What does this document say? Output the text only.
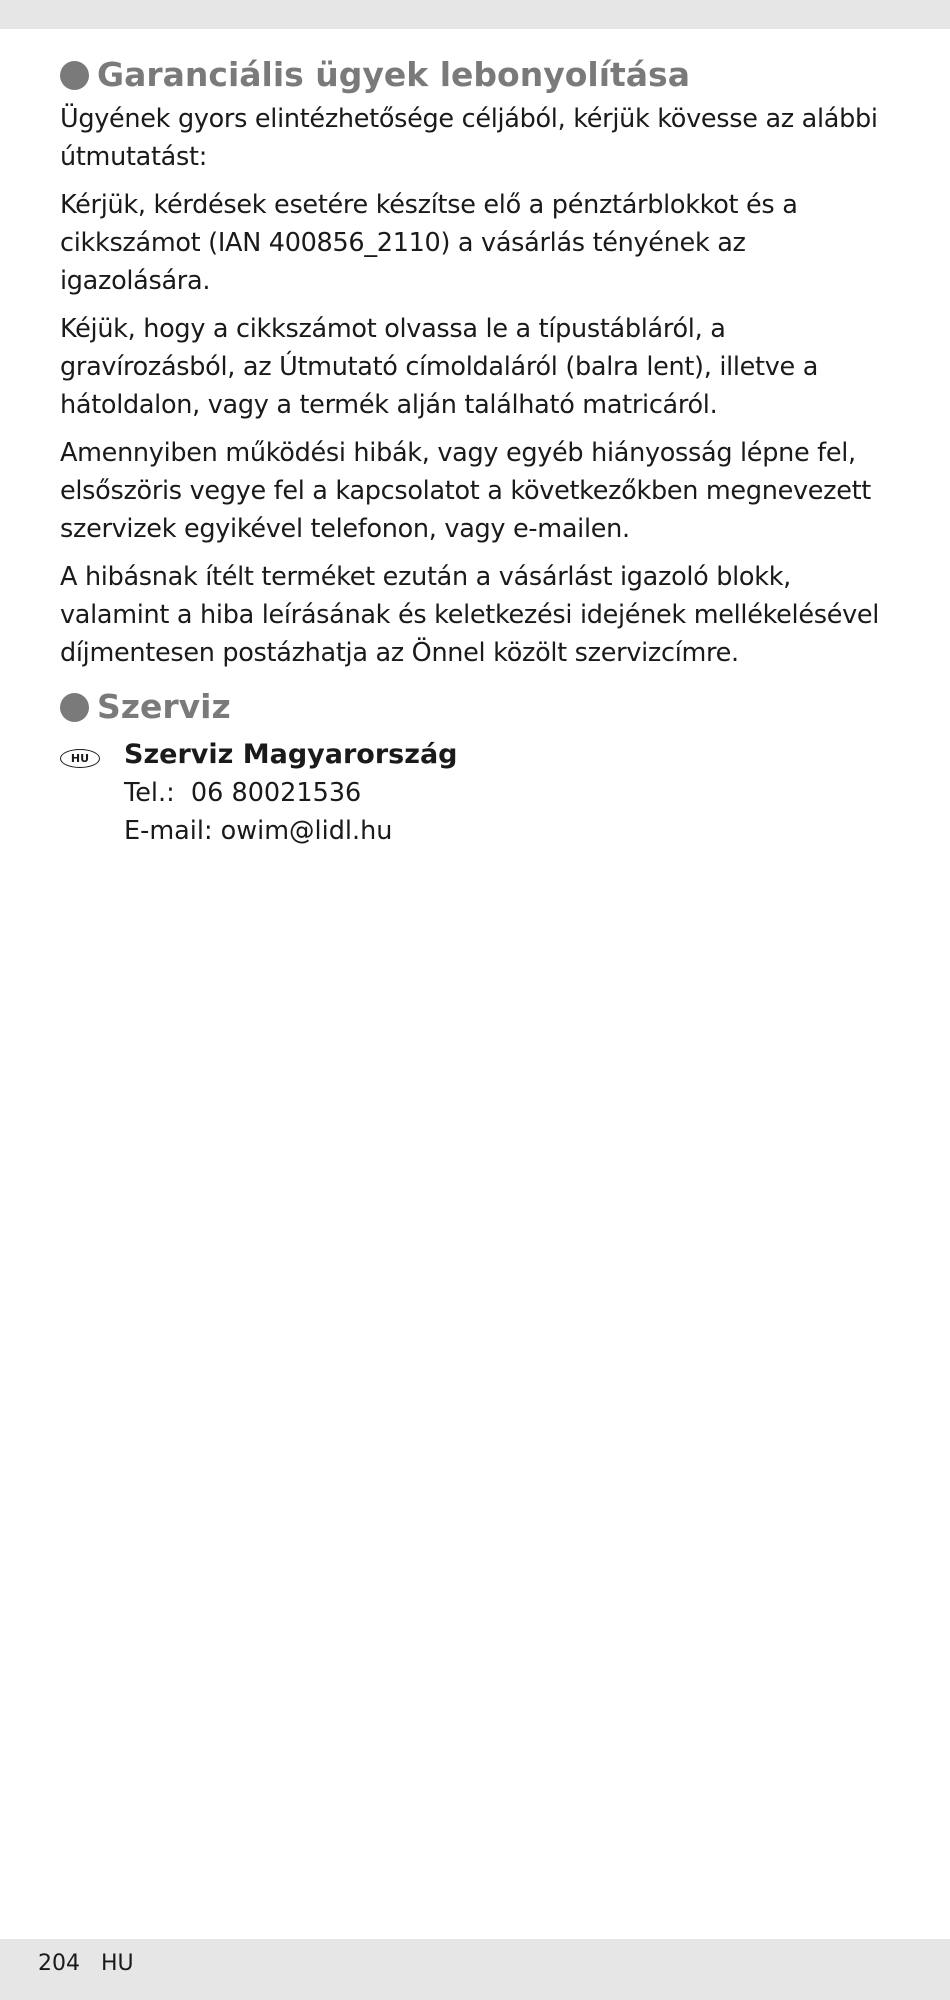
Garanciális ügyek lebonyolítása

Ügyének gyors elintézhetősége céljából, kérjük kövesse az alábbi útmutatást:

Kérjük, kérdések esetére készítse elő a pénztárblokkot és a cikkszámot (IAN 400856_2110) a vásárlás tényének az igazolására.

Kéjük, hogy a cikkszámot olvassa le a típustábláról, a gravírozásból, az Útmutató címoldaláról (balra lent), illetve a hátoldalon, vagy a termék alján található matricáról.

Amennyiben működési hibák, vagy egyéb hiányosság lépne fel, elsőszöris vegye fel a kapcsolatot a következőkben megnevezett szervizek egyikével telefonon, vagy e-mailen.

A hibásnak ítélt terméket ezután a vásárlást igazoló blokk, valamint a hiba leírásának és keletkezési idejének mellékelésével díjmentesen postázhatja az Önnel közölt szervizcímre.

Szerviz
HU	Szerviz Magyarország
Tel.:  06 80021536
E-mail: owim@lidl.hu
204   HU
